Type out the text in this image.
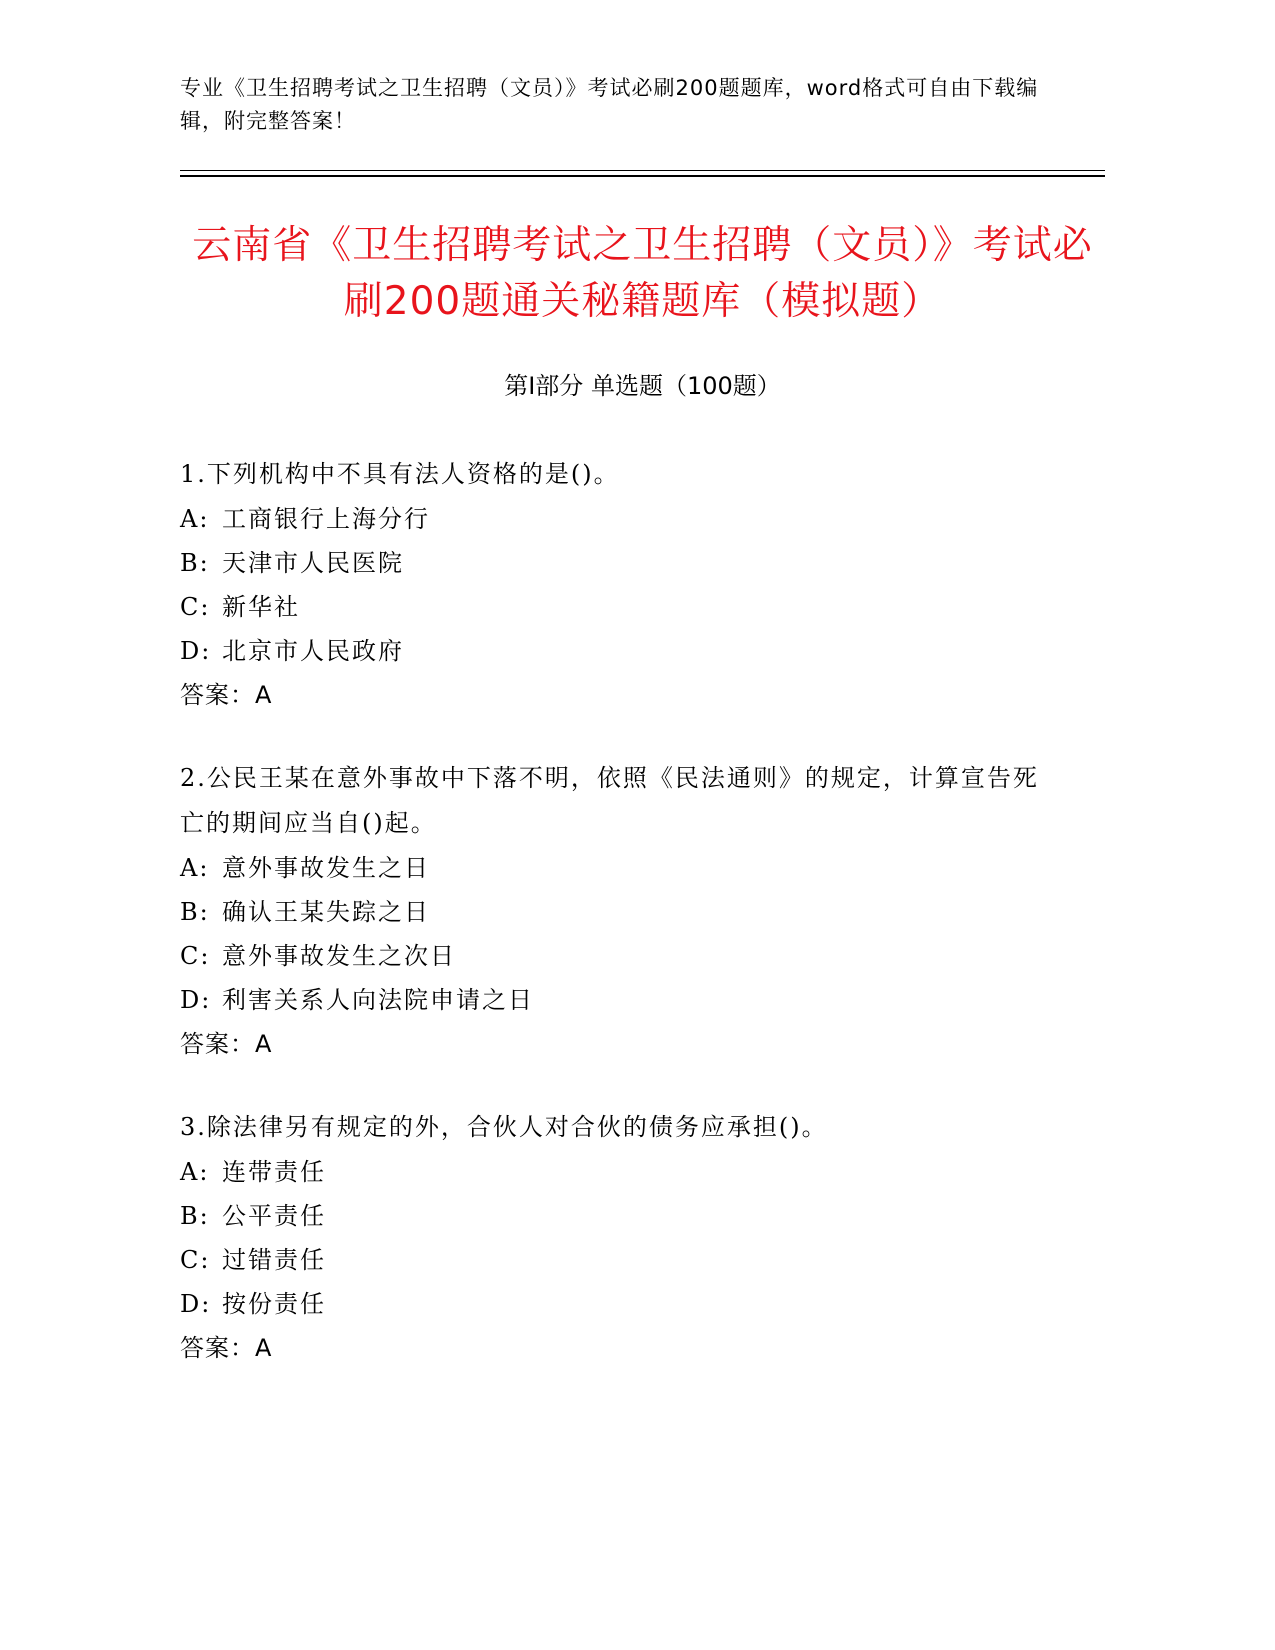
专业《卫生招聘考试之卫生招聘（文员）》考试必刷200题题库，word格式可自由下载编辑，附完整答案！
云南省《卫生招聘考试之卫生招聘（文员）》考试必刷200题通关秘籍题库（模拟题）
第Ⅰ部分 单选题（100题）
1.下列机构中不具有法人资格的是()。
A: 工商银行上海分行
B: 天津市人民医院
C: 新华社
D: 北京市人民政府
答案：A
2.公民王某在意外事故中下落不明，依照《民法通则》的规定，计算宣告死亡的期间应当自()起。
A: 意外事故发生之日
B: 确认王某失踪之日
C: 意外事故发生之次日
D: 利害关系人向法院申请之日
答案：A
3.除法律另有规定的外，合伙人对合伙的债务应承担()。
A: 连带责任
B: 公平责任
C: 过错责任
D: 按份责任
答案：A
